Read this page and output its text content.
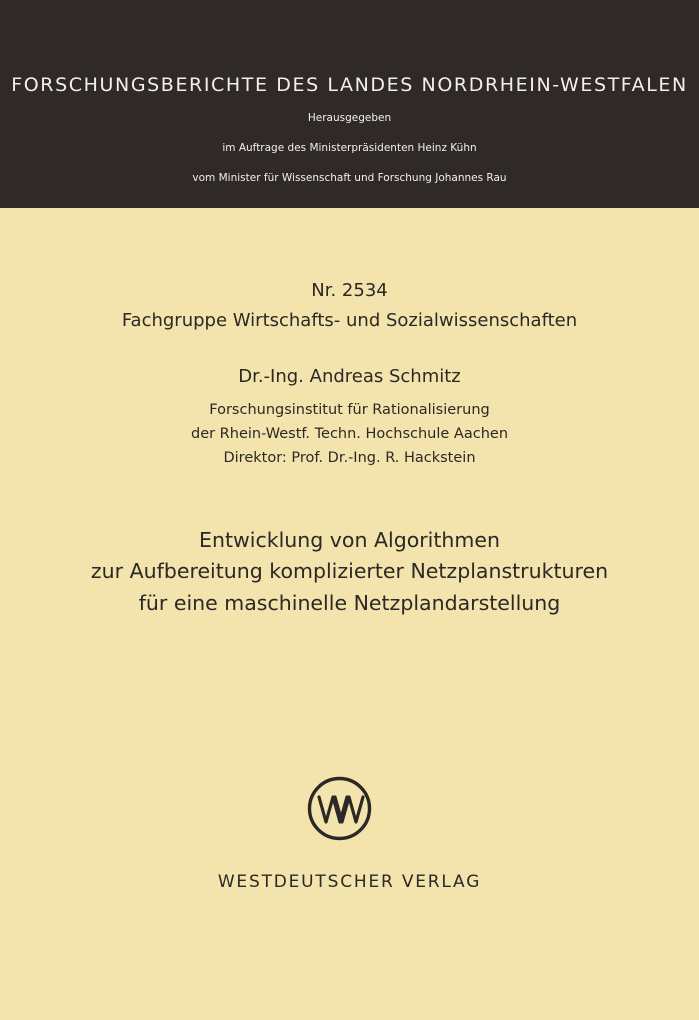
FORSCHUNGSBERICHTE DES LANDES NORDRHEIN-WESTFALEN
Herausgegeben
im Auftrage des Ministerpräsidenten Heinz Kühn
vom Minister für Wissenschaft und Forschung Johannes Rau
Nr. 2534
Fachgruppe Wirtschafts- und Sozialwissenschaften
Dr.-Ing. Andreas Schmitz
Forschungsinstitut für Rationalisierung
der Rhein-Westf. Techn. Hochschule Aachen
Direktor: Prof. Dr.-Ing. R. Hackstein
Entwicklung von Algorithmen
zur Aufbereitung komplizierter Netzplanstrukturen
für eine maschinelle Netzplandarstellung
WESTDEUTSCHER VERLAG
